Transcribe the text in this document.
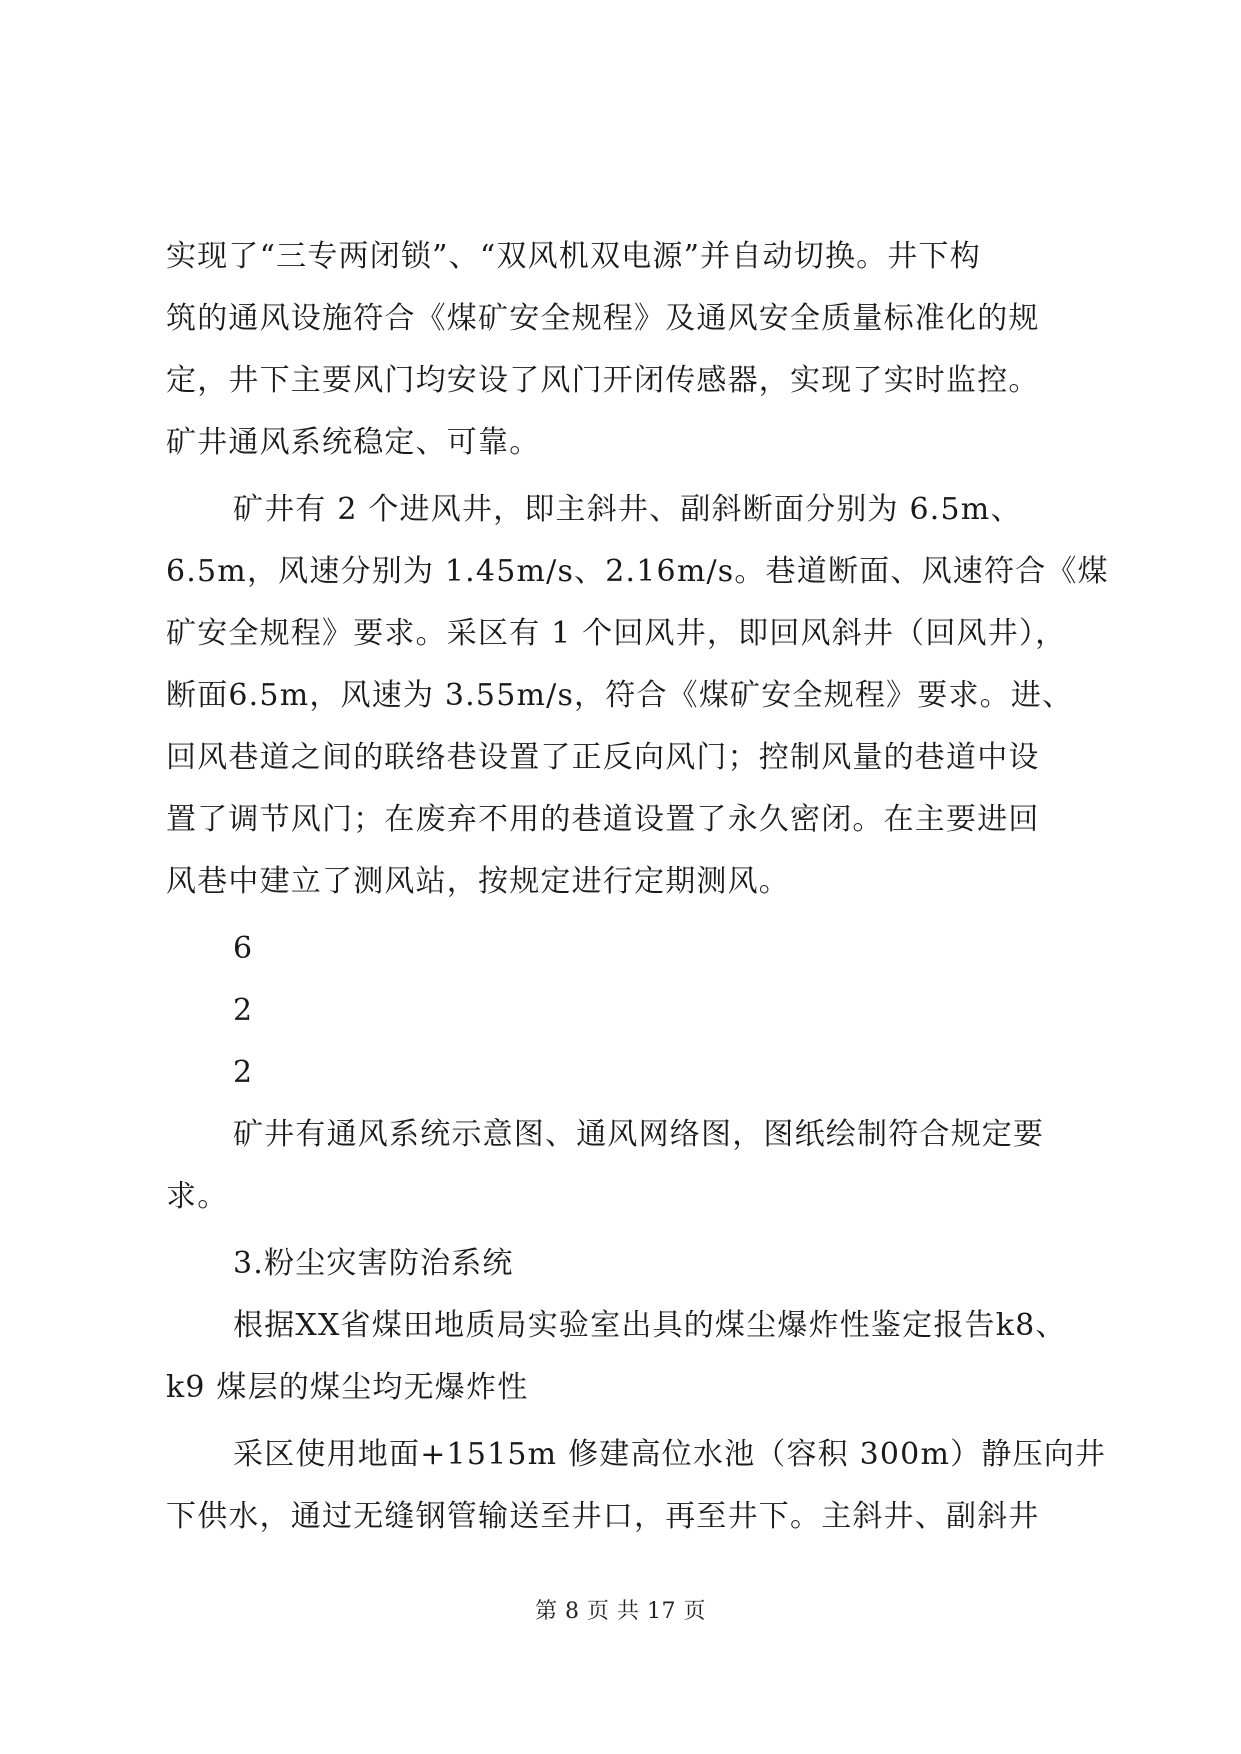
实现了“三专两闭锁”、“双风机双电源”并自动切换。井下构
筑的通风设施符合《煤矿安全规程》及通风安全质量标准化的规
定，井下主要风门均安设了风门开闭传感器，实现了实时监控。
矿井通风系统稳定、可靠。
矿井有 2 个进风井，即主斜井、副斜断面分别为 6.5m、
6.5m，风速分别为 1.45m/s、2.16m/s。巷道断面、风速符合《煤
矿安全规程》要求。采区有 1 个回风井，即回风斜井（回风井），
断面6.5m，风速为 3.55m/s，符合《煤矿安全规程》要求。进、
回风巷道之间的联络巷设置了正反向风门；控制风量的巷道中设
置了调节风门；在废弃不用的巷道设置了永久密闭。在主要进回
风巷中建立了测风站，按规定进行定期测风。
6
2
2
矿井有通风系统示意图、通风网络图，图纸绘制符合规定要
求。
3.粉尘灾害防治系统
根据XX省煤田地质局实验室出具的煤尘爆炸性鉴定报告k8、
k9 煤层的煤尘均无爆炸性
采区使用地面+1515m 修建高位水池（容积 300m）静压向井
下供水，通过无缝钢管输送至井口，再至井下。主斜井、副斜井
第 8 页 共 17 页
